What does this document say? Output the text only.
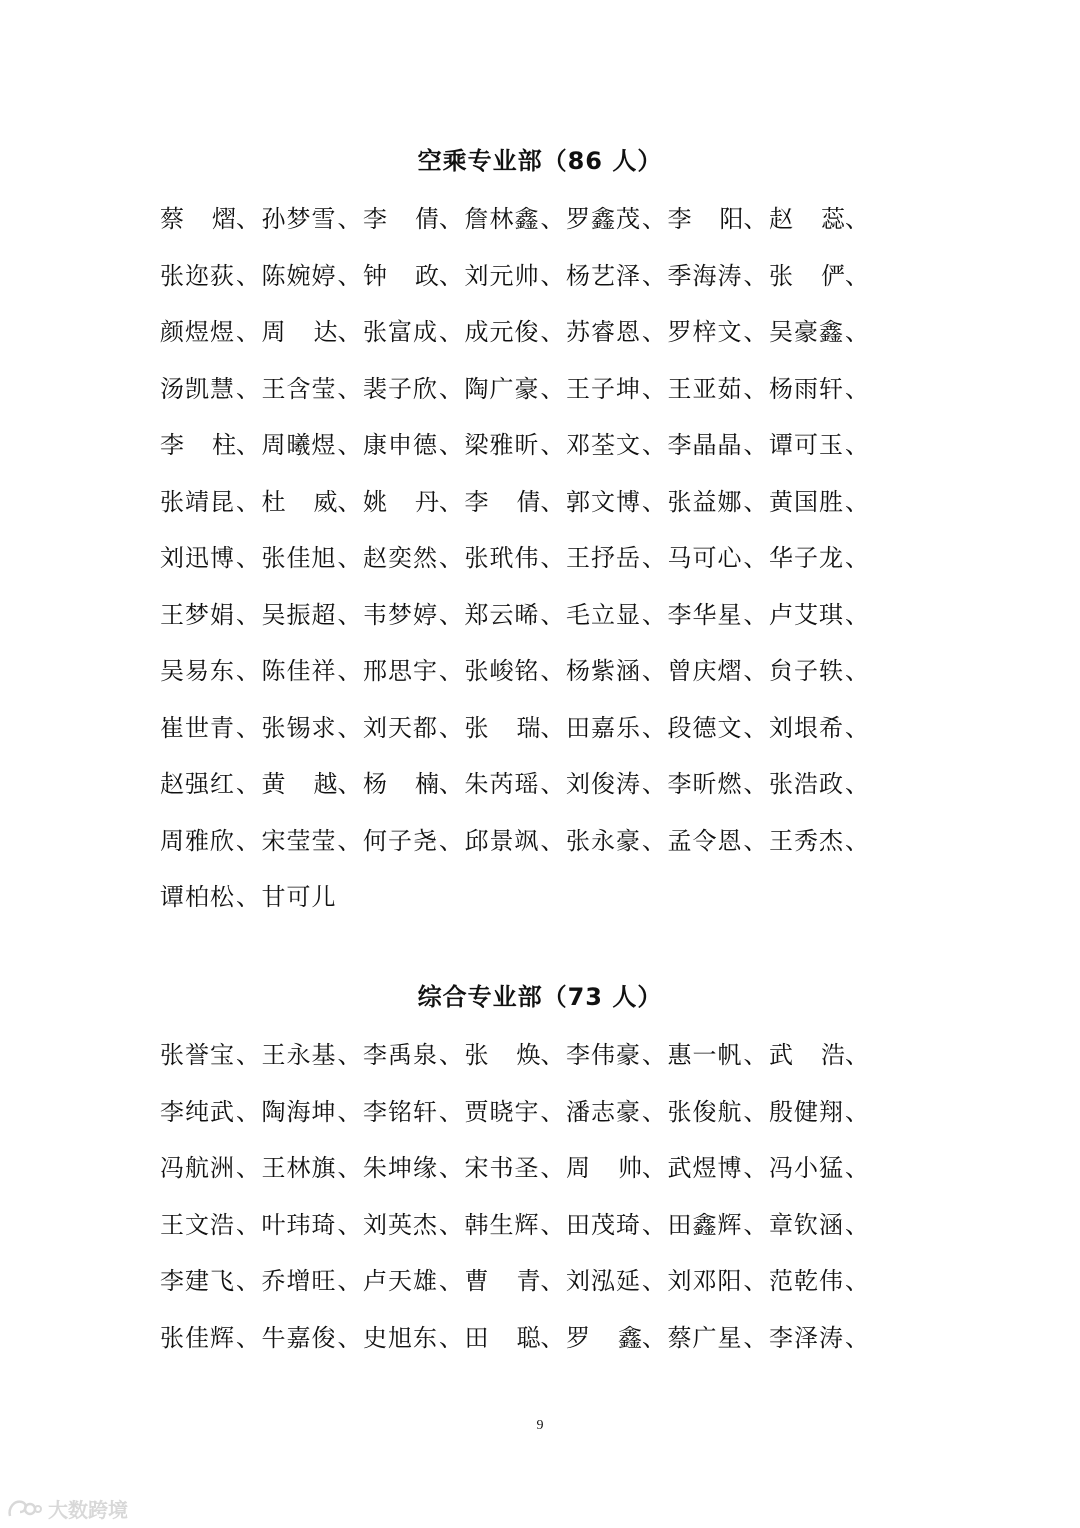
空乘专业部（86 人）
蔡 熠 、 孙梦雪 、 李 倩 、 詹林鑫 、 罗鑫茂 、 李 阳 、 赵 蕊 、
张迩荻 、 陈婉婷 、 钟 政 、 刘元帅 、 杨艺泽 、 季海涛 、 张 俨 、
颜煜煜 、 周 达 、 张富成 、 成元俊 、 苏睿恩 、 罗梓文 、 吴豪鑫 、
汤凯慧 、 王含莹 、 裴子欣 、 陶广豪 、 王子坤 、 王亚茹 、 杨雨轩 、
李 柱 、 周曦煜 、 康申德 、 梁雅昕 、 邓荃文 、 李晶晶 、 谭可玉 、
张靖昆 、 杜 威 、 姚 丹 、 李 倩 、 郭文博 、 张益娜 、 黄国胜 、
刘迅博 、 张佳旭 、 赵奕然 、 张玳伟 、 王抒岳 、 马可心 、 华子龙 、
王梦娟 、 吴振超 、 韦梦婷 、 郑云晞 、 毛立显 、 李华星 、 卢艾琪 、
吴易东 、 陈佳祥 、 邢思宇 、 张峻铭 、 杨紫涵 、 曾庆熠 、 贠子轶 、
崔世青 、 张锡求 、 刘天都 、 张 瑞 、 田嘉乐 、 段德文 、 刘垠希 、
赵强红 、 黄 越 、 杨 楠 、 朱芮瑶 、 刘俊涛 、 李昕燃 、 张浩政 、
周雅欣 、 宋莹莹 、 何子尧 、 邱景飒 、 张永豪 、 孟令恩 、 王秀杰 、
谭柏松 、 甘可儿
综合专业部（73 人）
张誉宝 、 王永基 、 李禹泉 、 张 焕 、 李伟豪 、 惠一帆 、 武 浩 、
李纯武 、 陶海坤 、 李铭轩 、 贾晓宇 、 潘志豪 、 张俊航 、 殷健翔 、
冯航洲 、 王林旗 、 朱坤缘 、 宋书圣 、 周 帅 、 武煜博 、 冯小猛 、
王文浩 、 叶玮琦 、 刘英杰 、 韩生辉 、 田茂琦 、 田鑫辉 、 章钦涵 、
李建飞 、 乔增旺 、 卢天雄 、 曹 青 、 刘泓延 、 刘邓阳 、 范乾伟 、
张佳辉 、 牛嘉俊 、 史旭东 、 田 聪 、 罗 鑫 、 蔡广星 、 李泽涛 、
9
大数跨境
